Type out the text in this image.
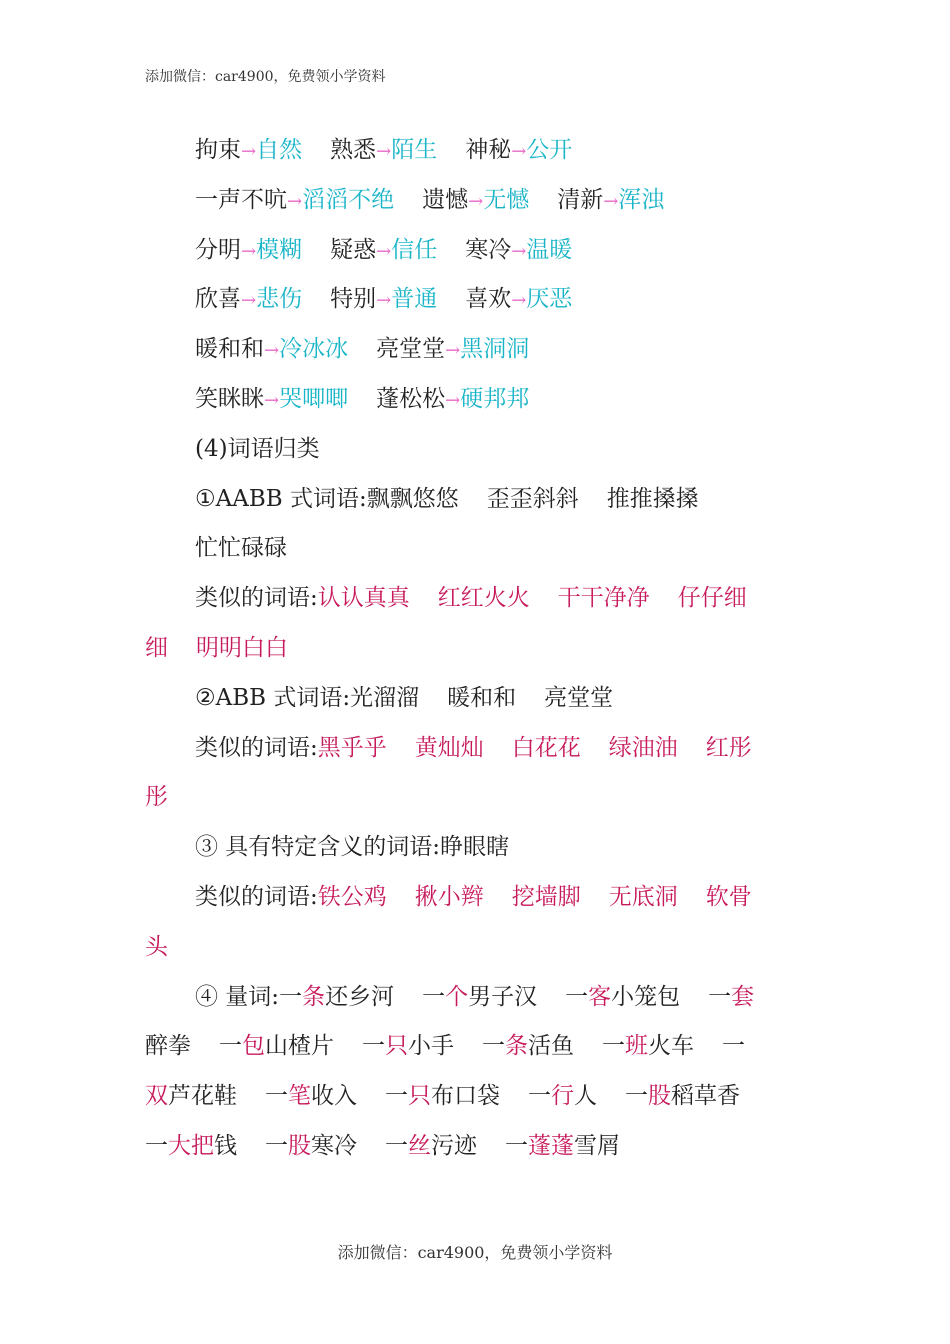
添加微信：car4900，免费领小学资料
拘束→自然 熟悉→陌生 神秘→公开
一声不吭→滔滔不绝 遗憾→无憾 清新→浑浊
分明→模糊 疑惑→信任 寒冷→温暖
欣喜→悲伤 特别→普通 喜欢→厌恶
暖和和→冷冰冰 亮堂堂→黑洞洞
笑眯眯→哭唧唧 蓬松松→硬邦邦
(4)词语归类
①AABB 式词语:飘飘悠悠 歪歪斜斜 推推搡搡
忙忙碌碌
类似的词语:认认真真 红红火火 干干净净 仔仔细
细 明明白白
②ABB 式词语:光溜溜 暖和和 亮堂堂
类似的词语:黑乎乎 黄灿灿 白花花 绿油油 红彤
彤
③ 具有特定含义的词语:睁眼瞎
类似的词语:铁公鸡 揪小辫 挖墙脚 无底洞 软骨
头
④ 量词:一条还乡河 一个男子汉 一客小笼包 一套
醉拳 一包山楂片 一只小手 一条活鱼 一班火车 一
双芦花鞋 一笔收入 一只布口袋 一行人 一股稻草香
一大把钱 一股寒冷 一丝污迹 一蓬蓬雪屑
添加微信：car4900，免费领小学资料
